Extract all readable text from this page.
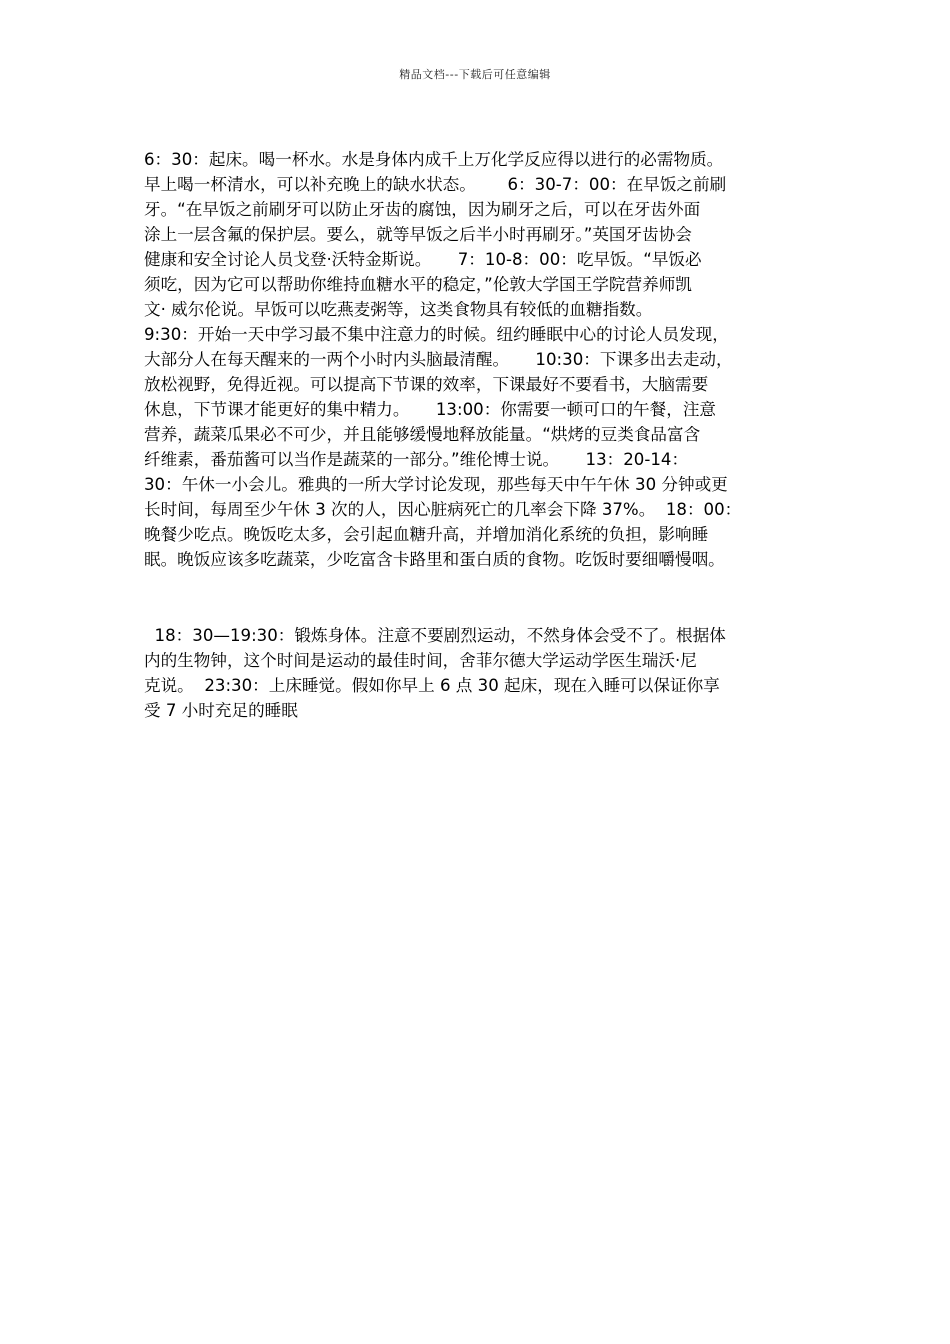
精品文档---下载后可任意编辑
6：30：起床。喝一杯水。水是身体内成千上万化学反应得以进行的必需物质。
早上喝一杯清水，可以补充晚上的缺水状态。      6：30-7：00：在早饭之前刷
牙。“在早饭之前刷牙可以防止牙齿的腐蚀，因为刷牙之后，可以在牙齿外面
涂上一层含氟的保护层。要么，就等早饭之后半小时再刷牙。”英国牙齿协会
健康和安全讨论人员戈登·沃特金斯说。     7：10-8：00：吃早饭。“早饭必
须吃，因为它可以帮助你维持血糖水平的稳定，”伦敦大学国王学院营养师凯
文· 威尔伦说。早饭可以吃燕麦粥等，这类食物具有较低的血糖指数。
9:30：开始一天中学习最不集中注意力的时候。纽约睡眠中心的讨论人员发现，
大部分人在每天醒来的一两个小时内头脑最清醒。     10:30：下课多出去走动，
放松视野，免得近视。可以提高下节课的效率，下课最好不要看书，大脑需要
休息，下节课才能更好的集中精力。     13:00：你需要一顿可口的午餐，注意
营养，蔬菜瓜果必不可少，并且能够缓慢地释放能量。“烘烤的豆类食品富含
纤维素，番茄酱可以当作是蔬菜的一部分。”维伦博士说。     13：20-14：
30：午休一小会儿。雅典的一所大学讨论发现，那些每天中午午休 30 分钟或更
长时间，每周至少午休 3 次的人，因心脏病死亡的几率会下降 37%。  18：00：
晚餐少吃点。晚饭吃太多，会引起血糖升高，并增加消化系统的负担，影响睡
眠。晚饭应该多吃蔬菜，少吃富含卡路里和蛋白质的食物。吃饭时要细嚼慢咽。
18：30—19:30：锻炼身体。注意不要剧烈运动，不然身体会受不了。根据体
内的生物钟，这个时间是运动的最佳时间，舍菲尔德大学运动学医生瑞沃·尼
克说。  23:30：上床睡觉。假如你早上 6 点 30 起床，现在入睡可以保证你享
受 7 小时充足的睡眠
